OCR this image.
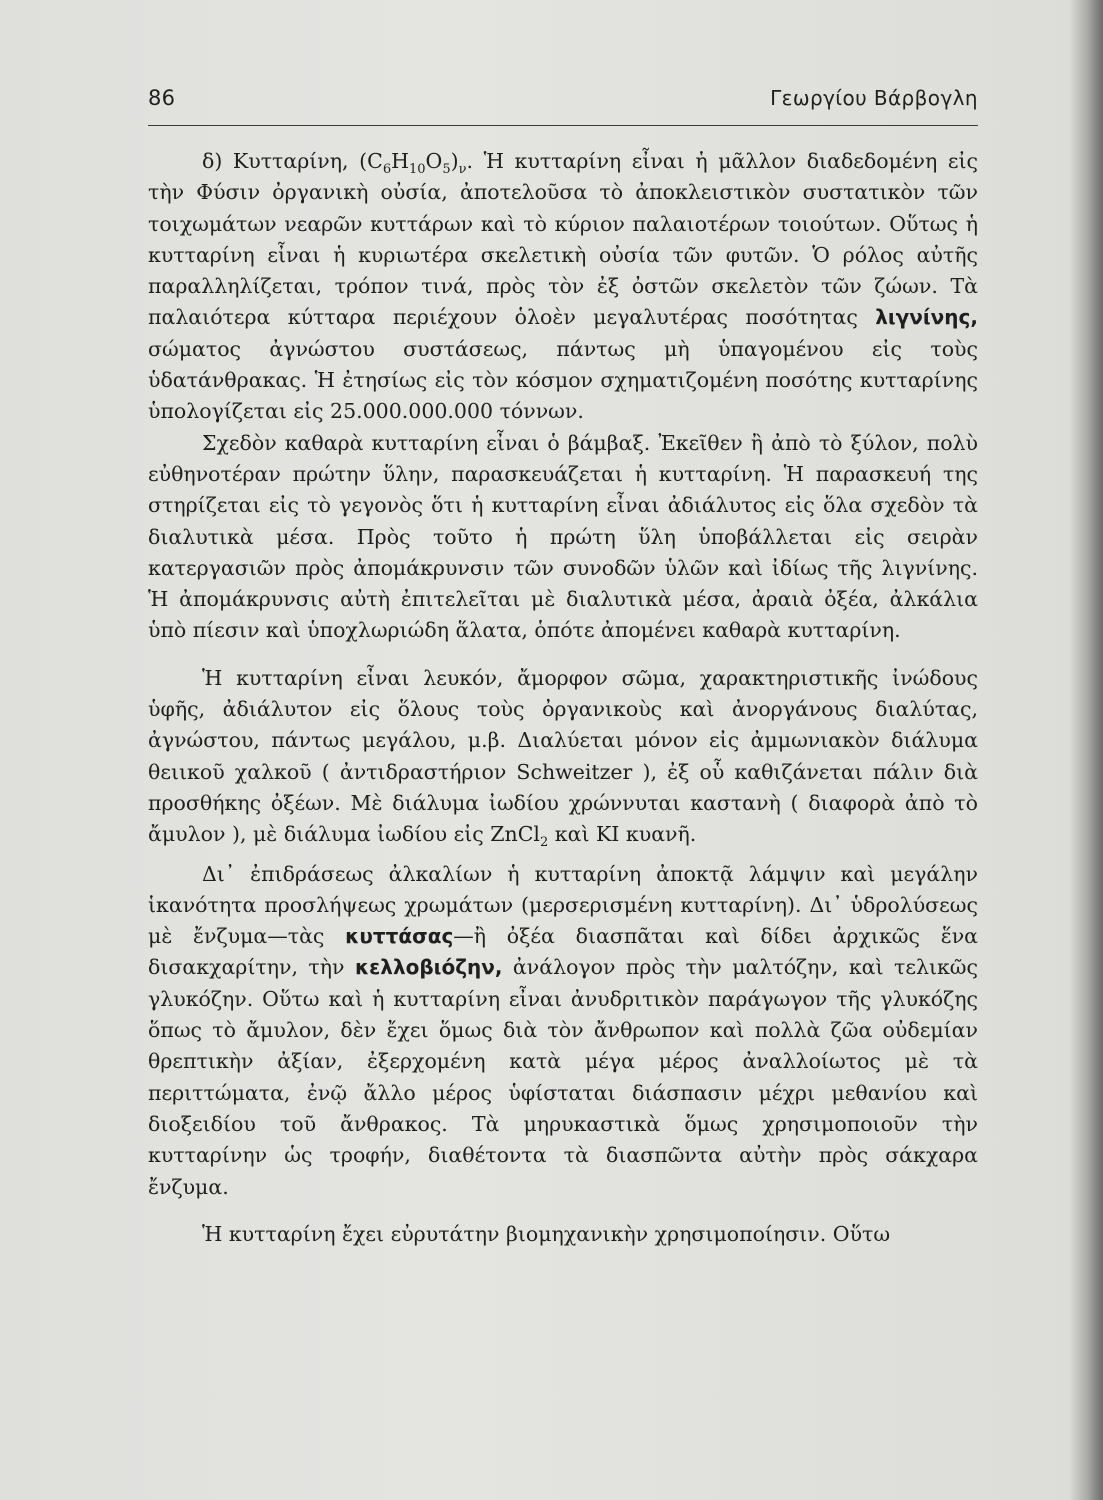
86	Γεωργίου Βάρβογλη

δ) Κυτταρίνη, $(C_6H_{10}O_5)_\nu$. Ἡ κυτταρίνη εἶναι ἡ μᾶλλον διαδεδομένη εἰς τὴν Φύσιν ὀργανικὴ οὐσία, ἀποτελοῦσα τὸ ἀποκλειστικὸν συστατικὸν τῶν τοιχωμάτων νεαρῶν κυττάρων καὶ τὸ κύριον παλαιοτέρων τοιούτων. Οὕτως ἡ κυτταρίνη εἶναι ἡ κυριωτέρα σκελετικὴ οὐσία τῶν φυτῶν. Ὁ ρόλος αὐτῆς παραλληλίζεται, τρόπον τινά, πρὸς τὸν ἐξ ὀστῶν σκελετὸν τῶν ζώων. Τὰ παλαιότερα κύτταρα περιέχουν ὁλοὲν μεγαλυτέρας ποσότητας λιγνίνης, σώματος ἀγνώστου συστάσεως, πάντως μὴ ὑπαγομένου εἰς τοὺς ὑδατάνθρακας. Ἡ ἐτησίως εἰς τὸν κόσμον σχηματιζομένη ποσότης κυτταρίνης ὑπολογίζεται εἰς 25.000.000.000 τόννων.

Σχεδὸν καθαρὰ κυτταρίνη εἶναι ὁ βάμβαξ. Ἐκεῖθεν ἢ ἀπὸ τὸ ξύλον, πολὺ εὐθηνοτέραν πρώτην ὕλην, παρασκευάζεται ἡ κυτταρίνη. Ἡ παρασκευή της στηρίζεται εἰς τὸ γεγονὸς ὅτι ἡ κυτταρίνη εἶναι ἀδιάλυτος εἰς ὅλα σχεδὸν τὰ διαλυτικὰ μέσα. Πρὸς τοῦτο ἡ πρώτη ὕλη ὑποβάλλεται εἰς σειρὰν κατεργασιῶν πρὸς ἀπομάκρυνσιν τῶν συνοδῶν ὑλῶν καὶ ἰδίως τῆς λιγνίνης. Ἡ ἀπομάκρυνσις αὐτὴ ἐπιτελεῖται μὲ διαλυτικὰ μέσα, ἀραιὰ ὀξέα, ἀλκάλια ὑπὸ πίεσιν καὶ ὑποχλωριώδη ἅλατα, ὁπότε ἀπομένει καθαρὰ κυτταρίνη.

Ἡ κυτταρίνη εἶναι λευκόν, ἄμορφον σῶμα, χαρακτηριστικῆς ἰνώδους ὑφῆς, ἀδιάλυτον εἰς ὅλους τοὺς ὀργανικοὺς καὶ ἀνοργάνους διαλύτας, ἀγνώστου, πάντως μεγάλου, μ.β. Διαλύεται μόνον εἰς ἀμμωνιακὸν διάλυμα θειικοῦ χαλκοῦ ( ἀντιδραστήριον Schweitzer ), ἐξ οὗ καθιζάνεται πάλιν διὰ προσθήκης ὀξέων. Μὲ διάλυμα ἰωδίου χρώννυται καστανὴ ( διαφορὰ ἀπὸ τὸ ἄμυλον ), μὲ διάλυμα ἰωδίου εἰς ZnCl$_2$ καὶ KI κυανῆ.

Δι᾽ ἐπιδράσεως ἀλκαλίων ἡ κυτταρίνη ἀποκτᾷ λάμψιν καὶ μεγάλην ἱκανότητα προσλήψεως χρωμάτων (μερσερισμένη κυτταρίνη). Δι᾽ ὑδρολύσεως μὲ ἔνζυμα—τὰς κυττάσας—ἢ ὀξέα διασπᾶται καὶ δίδει ἀρχικῶς ἕνα δισακχαρίτην, τὴν κελλοβιόζην, ἀνάλογον πρὸς τὴν μαλτόζην, καὶ τελικῶς γλυκόζην. Οὕτω καὶ ἡ κυτταρίνη εἶναι ἀνυδριτικὸν παράγωγον τῆς γλυκόζης ὅπως τὸ ἄμυλον, δὲν ἔχει ὅμως διὰ τὸν ἄνθρωπον καὶ πολλὰ ζῶα οὐδεμίαν θρεπτικὴν ἀξίαν, ἐξερχομένη κατὰ μέγα μέρος ἀναλλοίωτος μὲ τὰ περιττώματα, ἐνῷ ἄλλο μέρος ὑφίσταται διάσπασιν μέχρι μεθανίου καὶ διοξειδίου τοῦ ἄνθρακος. Τὰ μηρυκαστικὰ ὅμως χρησιμοποιοῦν τὴν κυτταρίνην ὡς τροφήν, διαθέτοντα τὰ διασπῶντα αὐτὴν πρὸς σάκχαρα ἔνζυμα.

Ἡ κυτταρίνη ἔχει εὐρυτάτην βιομηχανικὴν χρησιμοποίησιν. Οὕτω
